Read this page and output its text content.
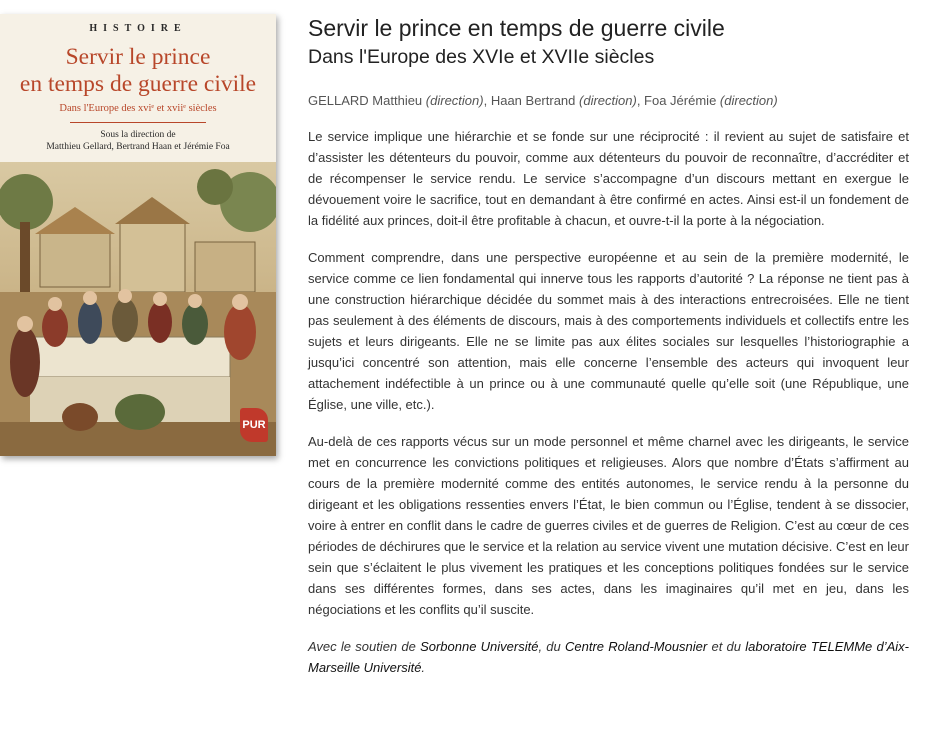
HISTOIRE
Servir le prince
en temps de guerre civile
Dans l'Europe des xviᵉ et xviiᵉ siècles
Sous la direction de
Matthieu Gellard, Bertrand Haan et Jérémie Foa
PUR
Servir le prince en temps de guerre civile
Dans l'Europe des XVIe et XVIIe siècles
GELLARD Matthieu (direction), Haan Bertrand (direction), Foa Jérémie (direction)

Le service implique une hiérarchie et se fonde sur une réciprocité : il revient au sujet de satisfaire et d’assister les détenteurs du pouvoir, comme aux détenteurs du pouvoir de reconnaître, d’accréditer et de récompenser le service rendu. Le service s’accompagne d’un discours mettant en exergue le dévouement voire le sacrifice, tout en demandant à être confirmé en actes. Ainsi est-il un fondement de la fidélité aux princes, doit-il être profitable à chacun, et ouvre-t-il la porte à la négociation.

Comment comprendre, dans une perspective européenne et au sein de la première modernité, le service comme ce lien fondamental qui innerve tous les rapports d’autorité ? La réponse ne tient pas à une construction hiérarchique décidée du sommet mais à des interactions entrecroisées. Elle ne tient pas seulement à des éléments de discours, mais à des comportements individuels et collectifs entre les sujets et leurs dirigeants. Elle ne se limite pas aux élites sociales sur lesquelles l’historiographie a jusqu’ici concentré son attention, mais elle concerne l’ensemble des acteurs qui invoquent leur attachement indéfectible à un prince ou à une communauté quelle qu’elle soit (une République, une Église, une ville, etc.).

Au-delà de ces rapports vécus sur un mode personnel et même charnel avec les dirigeants, le service met en concurrence les convictions politiques et religieuses. Alors que nombre d’États s’affirment au cours de la première modernité comme des entités autonomes, le service rendu à la personne du dirigeant et les obligations ressenties envers l’État, le bien commun ou l’Église, tendent à se dissocier, voire à entrer en conflit dans le cadre de guerres civiles et de guerres de Religion. C’est au cœur de ces périodes de déchirures que le service et la relation au service vivent une mutation décisive. C’est en leur sein que s’éclaitent le plus vivement les pratiques et les conceptions politiques fondées sur le service dans ses différentes formes, dans ses actes, dans les imaginaires qu’il met en jeu, dans les négociations et les conflits qu’il suscite.

Avec le soutien de Sorbonne Université, du Centre Roland-Mousnier et du laboratoire TELEMMe d’Aix-Marseille Université.
